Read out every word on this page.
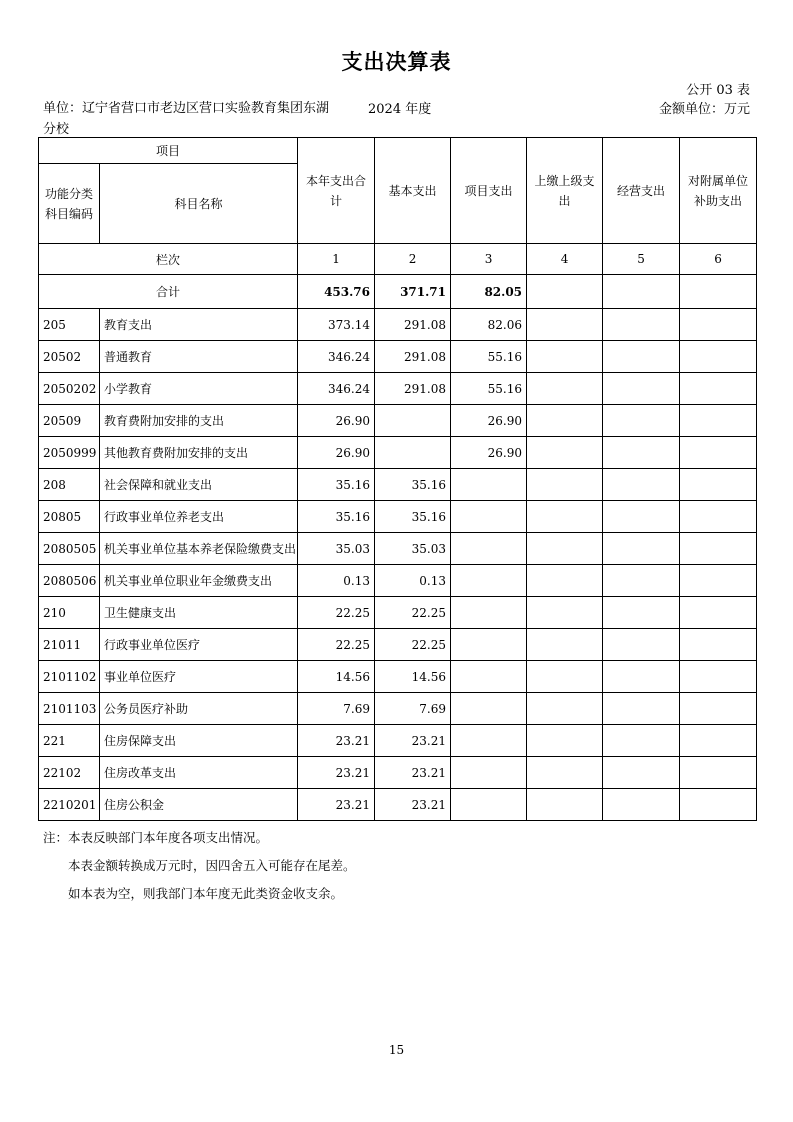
支出决算表
公开 03 表
单位：辽宁省营口市老边区营口实验教育集团东湖分校
2024 年度	金额单位：万元
项目		本年支出合计	基本支出	项目支出	上缴上级支出	经营支出	对附属单位补助支出
功能分类科目编码	科目名称						
栏次		1	2	3	4	5	6
合计		453.76	371.71	82.05			
205	教育支出	373.14	291.08	82.06			
20502	普通教育	346.24	291.08	55.16			
2050202	小学教育	346.24	291.08	55.16			
20509	教育费附加安排的支出	26.90		26.90			
2050999	其他教育费附加安排的支出	26.90		26.90			
208	社会保障和就业支出	35.16	35.16				
20805	行政事业单位养老支出	35.16	35.16				
2080505	机关事业单位基本养老保险缴费支出	35.03	35.03				
2080506	机关事业单位职业年金缴费支出	0.13	0.13				
210	卫生健康支出	22.25	22.25				
21011	行政事业单位医疗	22.25	22.25				
2101102	事业单位医疗	14.56	14.56				
2101103	公务员医疗补助	7.69	7.69				
221	住房保障支出	23.21	23.21				
22102	住房改革支出	23.21	23.21				
2210201	住房公积金	23.21	23.21				
注：本表反映部门本年度各项支出情况。
本表金额转换成万元时，因四舍五入可能存在尾差。
如本表为空，则我部门本年度无此类资金收支余。
15
